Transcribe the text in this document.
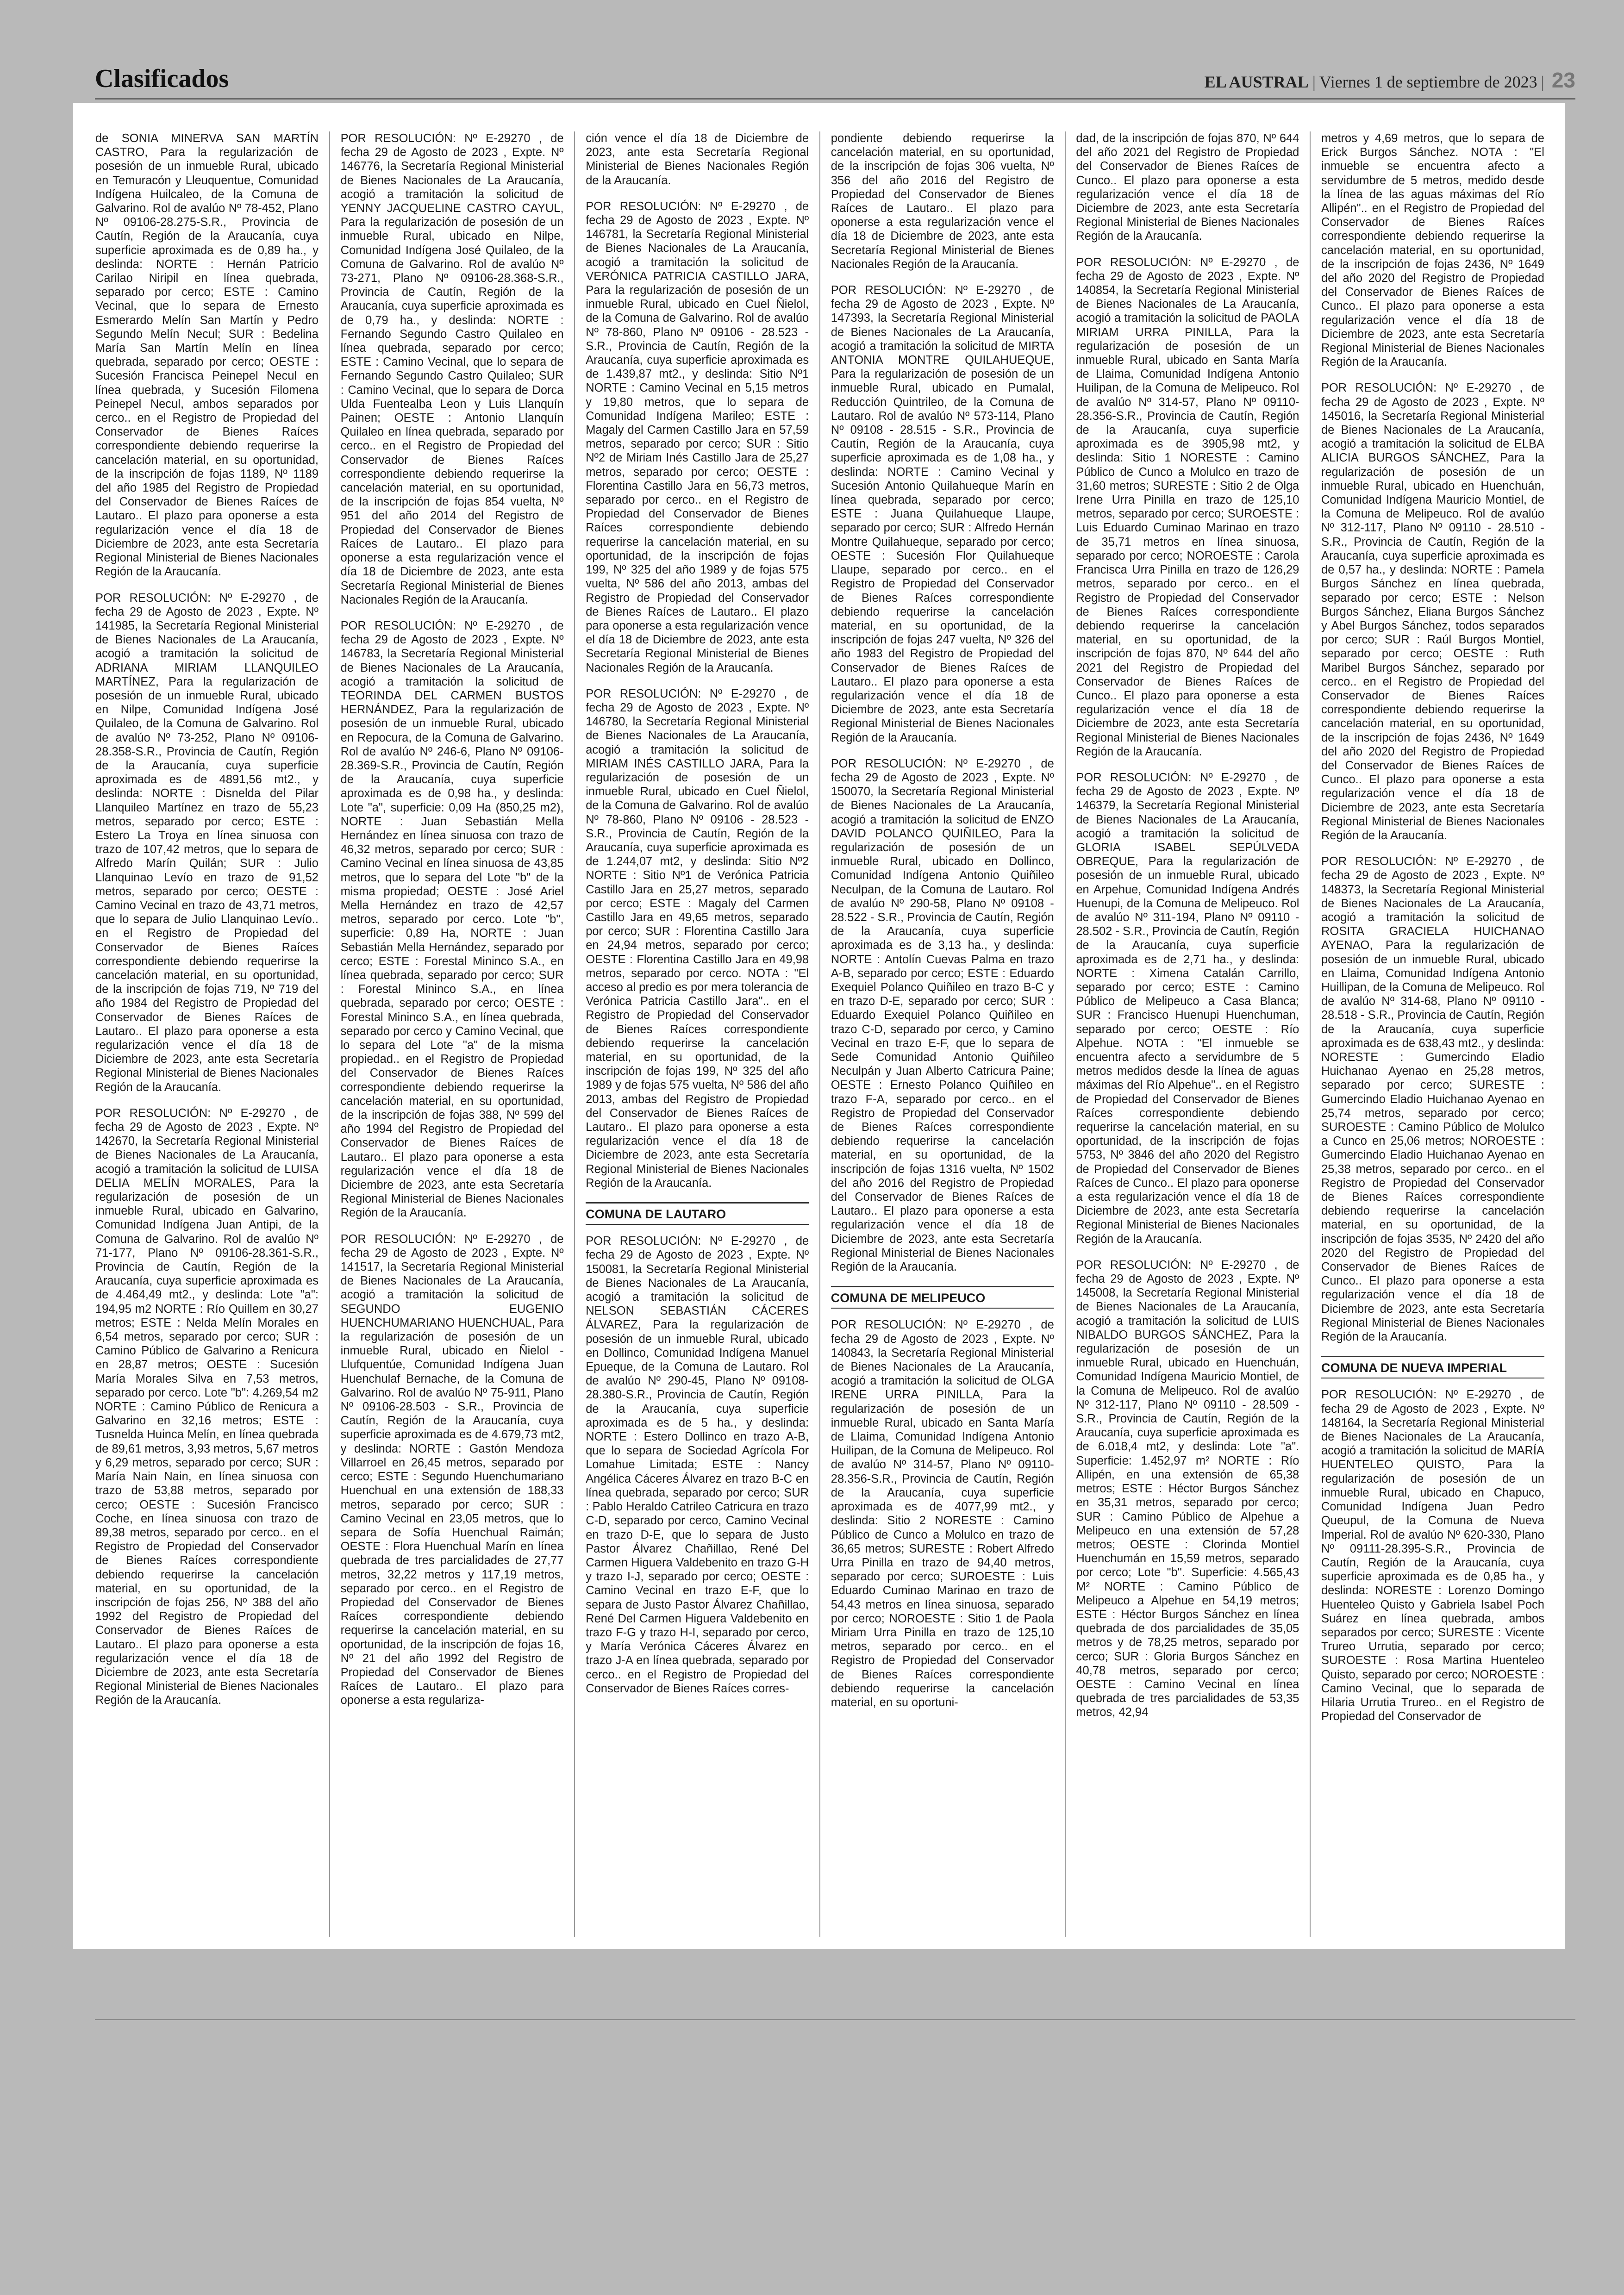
Clasificados	EL AUSTRAL | Viernes 1 de septiembre de 2023 | 23
de SONIA MINERVA SAN MARTÍN CASTRO, Para la regularización de posesión de un inmueble Rural, ubicado en Temuracón y Lleuquentue, Comunidad Indígena Huilcaleo, de la Comuna de Galvarino. Rol de avalúo Nº 78-452, Plano Nº 09106-28.275-S.R., Provincia de Cautín, Región de la Araucanía, cuya superficie aproximada es de 0,89 ha., y deslinda: NORTE : Hernán Patricio Carilao Niripil en línea quebrada, separado por cerco; ESTE : Camino Vecinal, que lo separa de Ernesto Esmerardo Melín San Martín y Pedro Segundo Melín Necul; SUR : Bedelina María San Martín Melín en línea quebrada, separado por cerco; OESTE : Sucesión Francisca Peinepel Necul en línea quebrada, y Sucesión Filomena Peinepel Necul, ambos separados por cerco.. en el Registro de Propiedad del Conservador de Bienes Raíces correspondiente debiendo requerirse la cancelación material, en su oportunidad, de la inscripción de fojas 1189, Nº 1189 del año 1985 del Registro de Propiedad del Conservador de Bienes Raíces de Lautaro.. El plazo para oponerse a esta regularización vence el día 18 de Diciembre de 2023, ante esta Secretaría Regional Ministerial de Bienes Nacionales Región de la Araucanía.
POR RESOLUCIÓN: Nº E-29270 , de fecha 29 de Agosto de 2023 , Expte. Nº 141985, la Secretaría Regional Ministerial de Bienes Nacionales de La Araucanía, acogió a tramitación la solicitud de ADRIANA MIRIAM LLANQUILEO MARTÍNEZ, Para la regularización de posesión de un inmueble Rural, ubicado en Nilpe, Comunidad Indígena José Quilaleo, de la Comuna de Galvarino. Rol de avalúo Nº 73-252, Plano Nº 09106-28.358-S.R., Provincia de Cautín, Región de la Araucanía, cuya superficie aproximada es de 4891,56 mt2., y deslinda: NORTE : Disnelda del Pilar Llanquileo Martínez en trazo de 55,23 metros, separado por cerco; ESTE : Estero La Troya en línea sinuosa con trazo de 107,42 metros, que lo separa de Alfredo Marín Quilán; SUR : Julio Llanquinao Levío en trazo de 91,52 metros, separado por cerco; OESTE : Camino Vecinal en trazo de 43,71 metros, que lo separa de Julio Llanquinao Levío.. en el Registro de Propiedad del Conservador de Bienes Raíces correspondiente debiendo requerirse la cancelación material, en su oportunidad, de la inscripción de fojas 719, Nº 719 del año 1984 del Registro de Propiedad del Conservador de Bienes Raíces de Lautaro.. El plazo para oponerse a esta regularización vence el día 18 de Diciembre de 2023, ante esta Secretaría Regional Ministerial de Bienes Nacionales Región de la Araucanía.
POR RESOLUCIÓN: Nº E-29270 , de fecha 29 de Agosto de 2023 , Expte. Nº 142670, la Secretaría Regional Ministerial de Bienes Nacionales de La Araucanía, acogió a tramitación la solicitud de LUISA DELIA MELÍN MORALES, Para la regularización de posesión de un inmueble Rural, ubicado en Galvarino, Comunidad Indígena Juan Antipi, de la Comuna de Galvarino. Rol de avalúo Nº 71-177, Plano Nº 09106-28.361-S.R., Provincia de Cautín, Región de la Araucanía, cuya superficie aproximada es de 4.464,49 mt2., y deslinda: Lote "a": 194,95 m2 NORTE : Río Quillem en 30,27 metros; ESTE : Nelda Melín Morales en 6,54 metros, separado por cerco; SUR : Camino Público de Galvarino a Renicura en 28,87 metros; OESTE : Sucesión María Morales Silva en 7,53 metros, separado por cerco. Lote "b": 4.269,54 m2 NORTE : Camino Público de Renicura a Galvarino en 32,16 metros; ESTE : Tusnelda Huinca Melín, en línea quebrada de 89,61 metros, 3,93 metros, 5,67 metros y 6,29 metros, separado por cerco; SUR : María Nain Nain, en línea sinuosa con trazo de 53,88 metros, separado por cerco; OESTE : Sucesión Francisco Coche, en línea sinuosa con trazo de 89,38 metros, separado por cerco.. en el Registro de Propiedad del Conservador de Bienes Raíces correspondiente debiendo requerirse la cancelación material, en su oportunidad, de la inscripción de fojas 256, Nº 388 del año 1992 del Registro de Propiedad del Conservador de Bienes Raíces de Lautaro.. El plazo para oponerse a esta regularización vence el día 18 de Diciembre de 2023, ante esta Secretaría Regional Ministerial de Bienes Nacionales Región de la Araucanía.
POR RESOLUCIÓN: Nº E-29270 , de fecha 29 de Agosto de 2023 , Expte. Nº 146776, la Secretaría Regional Ministerial de Bienes Nacionales de La Araucanía, acogió a tramitación la solicitud de YENNY JACQUELINE CASTRO CAYUL, Para la regularización de posesión de un inmueble Rural, ubicado en Nilpe, Comunidad Indígena José Quilaleo, de la Comuna de Galvarino. Rol de avalúo Nº 73-271, Plano Nº 09106-28.368-S.R., Provincia de Cautín, Región de la Araucanía, cuya superficie aproximada es de 0,79 ha., y deslinda: NORTE : Fernando Segundo Castro Quilaleo en línea quebrada, separado por cerco; ESTE : Camino Vecinal, que lo separa de Fernando Segundo Castro Quilaleo; SUR : Camino Vecinal, que lo separa de Dorca Ulda Fuentealba Leon y Luis Llanquín Painen; OESTE : Antonio Llanquín Quilaleo en línea quebrada, separado por cerco.. en el Registro de Propiedad del Conservador de Bienes Raíces correspondiente debiendo requerirse la cancelación material, en su oportunidad, de la inscripción de fojas 854 vuelta, Nº 951 del año 2014 del Registro de Propiedad del Conservador de Bienes Raíces de Lautaro.. El plazo para oponerse a esta regularización vence el día 18 de Diciembre de 2023, ante esta Secretaría Regional Ministerial de Bienes Nacionales Región de la Araucanía.
POR RESOLUCIÓN: Nº E-29270 , de fecha 29 de Agosto de 2023 , Expte. Nº 146783, la Secretaría Regional Ministerial de Bienes Nacionales de La Araucanía, acogió a tramitación la solicitud de TEORINDA DEL CARMEN BUSTOS HERNÁNDEZ, Para la regularización de posesión de un inmueble Rural, ubicado en Repocura, de la Comuna de Galvarino. Rol de avalúo Nº 246-6, Plano Nº 09106-28.369-S.R., Provincia de Cautín, Región de la Araucanía, cuya superficie aproximada es de 0,98 ha., y deslinda: Lote "a", superficie: 0,09 Ha (850,25 m2), NORTE : Juan Sebastián Mella Hernández en línea sinuosa con trazo de 46,32 metros, separado por cerco; SUR : Camino Vecinal en línea sinuosa de 43,85 metros, que lo separa del Lote "b" de la misma propiedad; OESTE : José Ariel Mella Hernández en trazo de 42,57 metros, separado por cerco. Lote "b", superficie: 0,89 Ha, NORTE : Juan Sebastián Mella Hernández, separado por cerco; ESTE : Forestal Mininco S.A., en línea quebrada, separado por cerco; SUR : Forestal Mininco S.A., en línea quebrada, separado por cerco; OESTE : Forestal Mininco S.A., en línea quebrada, separado por cerco y Camino Vecinal, que lo separa del Lote "a" de la misma propiedad.. en el Registro de Propiedad del Conservador de Bienes Raíces correspondiente debiendo requerirse la cancelación material, en su oportunidad, de la inscripción de fojas 388, Nº 599 del año 1994 del Registro de Propiedad del Conservador de Bienes Raíces de Lautaro.. El plazo para oponerse a esta regularización vence el día 18 de Diciembre de 2023, ante esta Secretaría Regional Ministerial de Bienes Nacionales Región de la Araucanía.
POR RESOLUCIÓN: Nº E-29270 , de fecha 29 de Agosto de 2023 , Expte. Nº 141517, la Secretaría Regional Ministerial de Bienes Nacionales de La Araucanía, acogió a tramitación la solicitud de SEGUNDO EUGENIO HUENCHUMARIANO HUENCHUAL, Para la regularización de posesión de un inmueble Rural, ubicado en Ñielol - Llufquentúe, Comunidad Indígena Juan Huenchulaf Bernache, de la Comuna de Galvarino. Rol de avalúo Nº 75-911, Plano Nº 09106-28.503 - S.R., Provincia de Cautín, Región de la Araucanía, cuya superficie aproximada es de 4.679,73 mt2, y deslinda: NORTE : Gastón Mendoza Villarroel en 26,45 metros, separado por cerco; ESTE : Segundo Huenchumariano Huenchual en una extensión de 188,33 metros, separado por cerco; SUR : Camino Vecinal en 23,05 metros, que lo separa de Sofía Huenchual Raimán; OESTE : Flora Huenchual Marín en línea quebrada de tres parcialidades de 27,77 metros, 32,22 metros y 117,19 metros, separado por cerco.. en el Registro de Propiedad del Conservador de Bienes Raíces correspondiente debiendo requerirse la cancelación material, en su oportunidad, de la inscripción de fojas 16, Nº 21 del año 1992 del Registro de Propiedad del Conservador de Bienes Raíces de Lautaro.. El plazo para oponerse a esta regulariza-
ción vence el día 18 de Diciembre de 2023, ante esta Secretaría Regional Ministerial de Bienes Nacionales Región de la Araucanía.
POR RESOLUCIÓN: Nº E-29270 , de fecha 29 de Agosto de 2023 , Expte. Nº 146781, la Secretaría Regional Ministerial de Bienes Nacionales de La Araucanía, acogió a tramitación la solicitud de VERÓNICA PATRICIA CASTILLO JARA, Para la regularización de posesión de un inmueble Rural, ubicado en Cuel Ñielol, de la Comuna de Galvarino. Rol de avalúo Nº 78-860, Plano Nº 09106 - 28.523 - S.R., Provincia de Cautín, Región de la Araucanía, cuya superficie aproximada es de 1.439,87 mt2., y deslinda: Sitio Nº1 NORTE : Camino Vecinal en 5,15 metros y 19,80 metros, que lo separa de Comunidad Indígena Marileo; ESTE : Magaly del Carmen Castillo Jara en 57,59 metros, separado por cerco; SUR : Sitio Nº2 de Miriam Inés Castillo Jara de 25,27 metros, separado por cerco; OESTE : Florentina Castillo Jara en 56,73 metros, separado por cerco.. en el Registro de Propiedad del Conservador de Bienes Raíces correspondiente debiendo requerirse la cancelación material, en su oportunidad, de la inscripción de fojas 199, Nº 325 del año 1989 y de fojas 575 vuelta, Nº 586 del año 2013, ambas del Registro de Propiedad del Conservador de Bienes Raíces de Lautaro.. El plazo para oponerse a esta regularización vence el día 18 de Diciembre de 2023, ante esta Secretaría Regional Ministerial de Bienes Nacionales Región de la Araucanía.
POR RESOLUCIÓN: Nº E-29270 , de fecha 29 de Agosto de 2023 , Expte. Nº 146780, la Secretaría Regional Ministerial de Bienes Nacionales de La Araucanía, acogió a tramitación la solicitud de MIRIAM INÉS CASTILLO JARA, Para la regularización de posesión de un inmueble Rural, ubicado en Cuel Ñielol, de la Comuna de Galvarino. Rol de avalúo Nº 78-860, Plano Nº 09106 - 28.523 - S.R., Provincia de Cautín, Región de la Araucanía, cuya superficie aproximada es de 1.244,07 mt2, y deslinda: Sitio Nº2 NORTE : Sitio Nº1 de Verónica Patricia Castillo Jara en 25,27 metros, separado por cerco; ESTE : Magaly del Carmen Castillo Jara en 49,65 metros, separado por cerco; SUR : Florentina Castillo Jara en 24,94 metros, separado por cerco; OESTE : Florentina Castillo Jara en 49,98 metros, separado por cerco. NOTA : "El acceso al predio es por mera tolerancia de Verónica Patricia Castillo Jara".. en el Registro de Propiedad del Conservador de Bienes Raíces correspondiente debiendo requerirse la cancelación material, en su oportunidad, de la inscripción de fojas 199, Nº 325 del año 1989 y de fojas 575 vuelta, Nº 586 del año 2013, ambas del Registro de Propiedad del Conservador de Bienes Raíces de Lautaro.. El plazo para oponerse a esta regularización vence el día 18 de Diciembre de 2023, ante esta Secretaría Regional Ministerial de Bienes Nacionales Región de la Araucanía.
COMUNA DE LAUTARO
POR RESOLUCIÓN: Nº E-29270 , de fecha 29 de Agosto de 2023 , Expte. Nº 150081, la Secretaría Regional Ministerial de Bienes Nacionales de La Araucanía, acogió a tramitación la solicitud de NELSON SEBASTIÁN CÁCERES ÁLVAREZ, Para la regularización de posesión de un inmueble Rural, ubicado en Dollinco, Comunidad Indígena Manuel Epueque, de la Comuna de Lautaro. Rol de avalúo Nº 290-45, Plano Nº 09108-28.380-S.R., Provincia de Cautín, Región de la Araucanía, cuya superficie aproximada es de 5 ha., y deslinda: NORTE : Estero Dollinco en trazo A-B, que lo separa de Sociedad Agrícola For Lomahue Limitada; ESTE : Nancy Angélica Cáceres Álvarez en trazo B-C en línea quebrada, separado por cerco; SUR : Pablo Heraldo Catrileo Catricura en trazo C-D, separado por cerco, Camino Vecinal en trazo D-E, que lo separa de Justo Pastor Álvarez Chañillao, René Del Carmen Higuera Valdebenito en trazo G-H y trazo I-J, separado por cerco; OESTE : Camino Vecinal en trazo E-F, que lo separa de Justo Pastor Álvarez Chañillao, René Del Carmen Higuera Valdebenito en trazo F-G y trazo H-I, separado por cerco, y María Verónica Cáceres Álvarez en trazo J-A en línea quebrada, separado por cerco.. en el Registro de Propiedad del Conservador de Bienes Raíces corres-
pondiente debiendo requerirse la cancelación material, en su oportunidad, de la inscripción de fojas 306 vuelta, Nº 356 del año 2016 del Registro de Propiedad del Conservador de Bienes Raíces de Lautaro.. El plazo para oponerse a esta regularización vence el día 18 de Diciembre de 2023, ante esta Secretaría Regional Ministerial de Bienes Nacionales Región de la Araucanía.
POR RESOLUCIÓN: Nº E-29270 , de fecha 29 de Agosto de 2023 , Expte. Nº 147393, la Secretaría Regional Ministerial de Bienes Nacionales de La Araucanía, acogió a tramitación la solicitud de MIRTA ANTONIA MONTRE QUILAHUEQUE, Para la regularización de posesión de un inmueble Rural, ubicado en Pumalal, Reducción Quintrileo, de la Comuna de Lautaro. Rol de avalúo Nº 573-114, Plano Nº 09108 - 28.515 - S.R., Provincia de Cautín, Región de la Araucanía, cuya superficie aproximada es de 1,08 ha., y deslinda: NORTE : Camino Vecinal y Sucesión Antonio Quilahueque Marín en línea quebrada, separado por cerco; ESTE : Juana Quilahueque Llaupe, separado por cerco; SUR : Alfredo Hernán Montre Quilahueque, separado por cerco; OESTE : Sucesión Flor Quilahueque Llaupe, separado por cerco.. en el Registro de Propiedad del Conservador de Bienes Raíces correspondiente debiendo requerirse la cancelación material, en su oportunidad, de la inscripción de fojas 247 vuelta, Nº 326 del año 1983 del Registro de Propiedad del Conservador de Bienes Raíces de Lautaro.. El plazo para oponerse a esta regularización vence el día 18 de Diciembre de 2023, ante esta Secretaría Regional Ministerial de Bienes Nacionales Región de la Araucanía.
POR RESOLUCIÓN: Nº E-29270 , de fecha 29 de Agosto de 2023 , Expte. Nº 150070, la Secretaría Regional Ministerial de Bienes Nacionales de La Araucanía, acogió a tramitación la solicitud de ENZO DAVID POLANCO QUIÑILEO, Para la regularización de posesión de un inmueble Rural, ubicado en Dollinco, Comunidad Indígena Antonio Quiñileo Neculpan, de la Comuna de Lautaro. Rol de avalúo Nº 290-58, Plano Nº 09108 - 28.522 - S.R., Provincia de Cautín, Región de la Araucanía, cuya superficie aproximada es de 3,13 ha., y deslinda: NORTE : Antolín Cuevas Palma en trazo A-B, separado por cerco; ESTE : Eduardo Exequiel Polanco Quiñileo en trazo B-C y en trazo D-E, separado por cerco; SUR : Eduardo Exequiel Polanco Quiñileo en trazo C-D, separado por cerco, y Camino Vecinal en trazo E-F, que lo separa de Sede Comunidad Antonio Quiñileo Neculpán y Juan Alberto Catricura Paine; OESTE : Ernesto Polanco Quiñileo en trazo F-A, separado por cerco.. en el Registro de Propiedad del Conservador de Bienes Raíces correspondiente debiendo requerirse la cancelación material, en su oportunidad, de la inscripción de fojas 1316 vuelta, Nº 1502 del año 2016 del Registro de Propiedad del Conservador de Bienes Raíces de Lautaro.. El plazo para oponerse a esta regularización vence el día 18 de Diciembre de 2023, ante esta Secretaría Regional Ministerial de Bienes Nacionales Región de la Araucanía.
COMUNA DE MELIPEUCO
POR RESOLUCIÓN: Nº E-29270 , de fecha 29 de Agosto de 2023 , Expte. Nº 140843, la Secretaría Regional Ministerial de Bienes Nacionales de La Araucanía, acogió a tramitación la solicitud de OLGA IRENE URRA PINILLA, Para la regularización de posesión de un inmueble Rural, ubicado en Santa María de Llaima, Comunidad Indígena Antonio Huilipan, de la Comuna de Melipeuco. Rol de avalúo Nº 314-57, Plano Nº 09110-28.356-S.R., Provincia de Cautín, Región de la Araucanía, cuya superficie aproximada es de 4077,99 mt2., y deslinda: Sitio 2 NORESTE : Camino Público de Cunco a Molulco en trazo de 36,65 metros; SURESTE : Robert Alfredo Urra Pinilla en trazo de 94,40 metros, separado por cerco; SUROESTE : Luis Eduardo Cuminao Marinao en trazo de 54,43 metros en línea sinuosa, separado por cerco; NOROESTE : Sitio 1 de Paola Miriam Urra Pinilla en trazo de 125,10 metros, separado por cerco.. en el Registro de Propiedad del Conservador de Bienes Raíces correspondiente debiendo requerirse la cancelación material, en su oportuni-
dad, de la inscripción de fojas 870, Nº 644 del año 2021 del Registro de Propiedad del Conservador de Bienes Raíces de Cunco.. El plazo para oponerse a esta regularización vence el día 18 de Diciembre de 2023, ante esta Secretaría Regional Ministerial de Bienes Nacionales Región de la Araucanía.
POR RESOLUCIÓN: Nº E-29270 , de fecha 29 de Agosto de 2023 , Expte. Nº 140854, la Secretaría Regional Ministerial de Bienes Nacionales de La Araucanía, acogió a tramitación la solicitud de PAOLA MIRIAM URRA PINILLA, Para la regularización de posesión de un inmueble Rural, ubicado en Santa María de Llaima, Comunidad Indígena Antonio Huilipan, de la Comuna de Melipeuco. Rol de avalúo Nº 314-57, Plano Nº 09110-28.356-S.R., Provincia de Cautín, Región de la Araucanía, cuya superficie aproximada es de 3905,98 mt2, y deslinda: Sitio 1 NORESTE : Camino Público de Cunco a Molulco en trazo de 31,60 metros; SURESTE : Sitio 2 de Olga Irene Urra Pinilla en trazo de 125,10 metros, separado por cerco; SUROESTE : Luis Eduardo Cuminao Marinao en trazo de 35,71 metros en línea sinuosa, separado por cerco; NOROESTE : Carola Francisca Urra Pinilla en trazo de 126,29 metros, separado por cerco.. en el Registro de Propiedad del Conservador de Bienes Raíces correspondiente debiendo requerirse la cancelación material, en su oportunidad, de la inscripción de fojas 870, Nº 644 del año 2021 del Registro de Propiedad del Conservador de Bienes Raíces de Cunco.. El plazo para oponerse a esta regularización vence el día 18 de Diciembre de 2023, ante esta Secretaría Regional Ministerial de Bienes Nacionales Región de la Araucanía.
POR RESOLUCIÓN: Nº E-29270 , de fecha 29 de Agosto de 2023 , Expte. Nº 146379, la Secretaría Regional Ministerial de Bienes Nacionales de La Araucanía, acogió a tramitación la solicitud de GLORIA ISABEL SEPÚLVEDA OBREQUE, Para la regularización de posesión de un inmueble Rural, ubicado en Arpehue, Comunidad Indígena Andrés Huenupi, de la Comuna de Melipeuco. Rol de avalúo Nº 311-194, Plano Nº 09110 - 28.502 - S.R., Provincia de Cautín, Región de la Araucanía, cuya superficie aproximada es de 2,71 ha., y deslinda: NORTE : Ximena Catalán Carrillo, separado por cerco; ESTE : Camino Público de Melipeuco a Casa Blanca; SUR : Francisco Huenupi Huenchuman, separado por cerco; OESTE : Río Alpehue. NOTA : "El inmueble se encuentra afecto a servidumbre de 5 metros medidos desde la línea de aguas máximas del Río Alpehue".. en el Registro de Propiedad del Conservador de Bienes Raíces correspondiente debiendo requerirse la cancelación material, en su oportunidad, de la inscripción de fojas 5753, Nº 3846 del año 2020 del Registro de Propiedad del Conservador de Bienes Raíces de Cunco.. El plazo para oponerse a esta regularización vence el día 18 de Diciembre de 2023, ante esta Secretaría Regional Ministerial de Bienes Nacionales Región de la Araucanía.
POR RESOLUCIÓN: Nº E-29270 , de fecha 29 de Agosto de 2023 , Expte. Nº 145008, la Secretaría Regional Ministerial de Bienes Nacionales de La Araucanía, acogió a tramitación la solicitud de LUIS NIBALDO BURGOS SÁNCHEZ, Para la regularización de posesión de un inmueble Rural, ubicado en Huenchuán, Comunidad Indígena Mauricio Montiel, de la Comuna de Melipeuco. Rol de avalúo Nº 312-117, Plano Nº 09110 - 28.509 - S.R., Provincia de Cautín, Región de la Araucanía, cuya superficie aproximada es de 6.018,4 mt2, y deslinda: Lote "a". Superficie: 1.452,97 m² NORTE : Río Allipén, en una extensión de 65,38 metros; ESTE : Héctor Burgos Sánchez en 35,31 metros, separado por cerco; SUR : Camino Público de Alpehue a Melipeuco en una extensión de 57,28 metros; OESTE : Clorinda Montiel Huenchumán en 15,59 metros, separado por cerco; Lote "b". Superficie: 4.565,43 M² NORTE : Camino Público de Melipeuco a Alpehue en 54,19 metros; ESTE : Héctor Burgos Sánchez en línea quebrada de dos parcialidades de 35,05 metros y de 78,25 metros, separado por cerco; SUR : Gloria Burgos Sánchez en 40,78 metros, separado por cerco; OESTE : Camino Vecinal en línea quebrada de tres parcialidades de 53,35 metros, 42,94
metros y 4,69 metros, que lo separa de Erick Burgos Sánchez. NOTA : "El inmueble se encuentra afecto a servidumbre de 5 metros, medido desde la línea de las aguas máximas del Río Allipén".. en el Registro de Propiedad del Conservador de Bienes Raíces correspondiente debiendo requerirse la cancelación material, en su oportunidad, de la inscripción de fojas 2436, Nº 1649 del año 2020 del Registro de Propiedad del Conservador de Bienes Raíces de Cunco.. El plazo para oponerse a esta regularización vence el día 18 de Diciembre de 2023, ante esta Secretaría Regional Ministerial de Bienes Nacionales Región de la Araucanía.
POR RESOLUCIÓN: Nº E-29270 , de fecha 29 de Agosto de 2023 , Expte. Nº 145016, la Secretaría Regional Ministerial de Bienes Nacionales de La Araucanía, acogió a tramitación la solicitud de ELBA ALICIA BURGOS SÁNCHEZ, Para la regularización de posesión de un inmueble Rural, ubicado en Huenchuán, Comunidad Indígena Mauricio Montiel, de la Comuna de Melipeuco. Rol de avalúo Nº 312-117, Plano Nº 09110 - 28.510 - S.R., Provincia de Cautín, Región de la Araucanía, cuya superficie aproximada es de 0,57 ha., y deslinda: NORTE : Pamela Burgos Sánchez en línea quebrada, separado por cerco; ESTE : Nelson Burgos Sánchez, Eliana Burgos Sánchez y Abel Burgos Sánchez, todos separados por cerco; SUR : Raúl Burgos Montiel, separado por cerco; OESTE : Ruth Maribel Burgos Sánchez, separado por cerco.. en el Registro de Propiedad del Conservador de Bienes Raíces correspondiente debiendo requerirse la cancelación material, en su oportunidad, de la inscripción de fojas 2436, Nº 1649 del año 2020 del Registro de Propiedad del Conservador de Bienes Raíces de Cunco.. El plazo para oponerse a esta regularización vence el día 18 de Diciembre de 2023, ante esta Secretaría Regional Ministerial de Bienes Nacionales Región de la Araucanía.
POR RESOLUCIÓN: Nº E-29270 , de fecha 29 de Agosto de 2023 , Expte. Nº 148373, la Secretaría Regional Ministerial de Bienes Nacionales de La Araucanía, acogió a tramitación la solicitud de ROSITA GRACIELA HUICHANAO AYENAO, Para la regularización de posesión de un inmueble Rural, ubicado en Llaima, Comunidad Indígena Antonio Huillipan, de la Comuna de Melipeuco. Rol de avalúo Nº 314-68, Plano Nº 09110 - 28.518 - S.R., Provincia de Cautín, Región de la Araucanía, cuya superficie aproximada es de 638,43 mt2., y deslinda: NORESTE : Gumercindo Eladio Huichanao Ayenao en 25,28 metros, separado por cerco; SURESTE : Gumercindo Eladio Huichanao Ayenao en 25,74 metros, separado por cerco; SUROESTE : Camino Público de Molulco a Cunco en 25,06 metros; NOROESTE : Gumercindo Eladio Huichanao Ayenao en 25,38 metros, separado por cerco.. en el Registro de Propiedad del Conservador de Bienes Raíces correspondiente debiendo requerirse la cancelación material, en su oportunidad, de la inscripción de fojas 3535, Nº 2420 del año 2020 del Registro de Propiedad del Conservador de Bienes Raíces de Cunco.. El plazo para oponerse a esta regularización vence el día 18 de Diciembre de 2023, ante esta Secretaría Regional Ministerial de Bienes Nacionales Región de la Araucanía.
COMUNA DE NUEVA IMPERIAL
POR RESOLUCIÓN: Nº E-29270 , de fecha 29 de Agosto de 2023 , Expte. Nº 148164, la Secretaría Regional Ministerial de Bienes Nacionales de La Araucanía, acogió a tramitación la solicitud de MARÍA HUENTELEO QUISTO, Para la regularización de posesión de un inmueble Rural, ubicado en Chapuco, Comunidad Indígena Juan Pedro Queupul, de la Comuna de Nueva Imperial. Rol de avalúo Nº 620-330, Plano Nº 09111-28.395-S.R., Provincia de Cautín, Región de la Araucanía, cuya superficie aproximada es de 0,85 ha., y deslinda: NORESTE : Lorenzo Domingo Huenteleo Quisto y Gabriela Isabel Poch Suárez en línea quebrada, ambos separados por cerco; SURESTE : Vicente Trureo Urrutia, separado por cerco; SUROESTE : Rosa Martina Huenteleo Quisto, separado por cerco; NOROESTE : Camino Vecinal, que lo separada de Hilaria Urrutia Trureo.. en el Registro de Propiedad del Conservador de
